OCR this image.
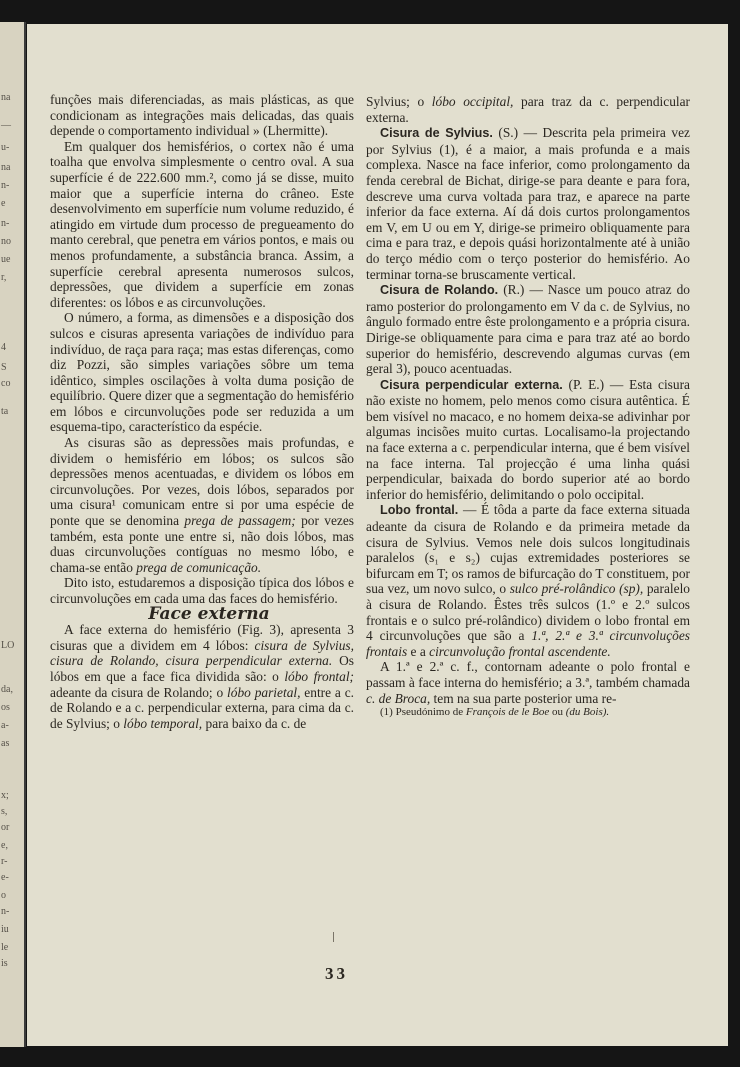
na
—
u-
na
n-
e
n-
no
ue
r,
4
S
co
ta
LO
da,
os
a-
as
x;
s,
or
e,
r-
e-
o
n-
iu
le
is

funções mais diferenciadas, as mais plásticas, as que condicionam as integrações mais delicadas, das quais depende o comportamento individual » (Lhermitte).

Em qualquer dos hemisférios, o cortex não é uma toalha que envolva simplesmente o centro oval. A sua superfície é de 222.600 mm.², como já se disse, muito maior que a superfície interna do crâneo. Este desenvolvimento em superfície num volume reduzido, é atingido em virtude dum processo de pregueamento do manto cerebral, que penetra em vários pontos, e mais ou menos profundamente, a substância branca. Assim, a superfície cerebral apresenta numerosos sulcos, depressões, que dividem a superfície em zonas diferentes: os lóbos e as circunvoluções.

O número, a forma, as dimensões e a disposição dos sulcos e cisuras apresenta variações de indivíduo para indivíduo, de raça para raça; mas estas diferenças, como diz Pozzi, são simples variações sôbre um tema idêntico, simples oscilações à volta duma posição de equilíbrio. Quere dizer que a segmentação do hemisfério em lóbos e circunvoluções pode ser reduzida a um esquema-tipo, característico da espécie.

As cisuras são as depressões mais profundas, e dividem o hemisfério em lóbos; os sulcos são depressões menos acentuadas, e dividem os lóbos em circunvoluções. Por vezes, dois lóbos, separados por uma cisura¹ comunicam entre si por uma espécie de ponte que se denomina prega de passagem; por vezes também, esta ponte une entre si, não dois lóbos, mas duas circunvoluções contíguas no mesmo lóbo, e chama-se então prega de comunicação.

Dito isto, estudaremos a disposição típica dos lóbos e circunvoluções em cada uma das faces do hemisfério.

Face externa

A face externa do hemisfério (Fig. 3), apresenta 3 cisuras que a dividem em 4 lóbos: cisura de Sylvius, cisura de Rolando, cisura perpendicular externa. Os lóbos em que a face fica dividida são: o lóbo frontal; adeante da cisura de Rolando; o lóbo parietal, entre a c. de Rolando e a c. perpendicular externa, para cima da c. de Sylvius; o lóbo temporal, para baixo da c. de

Sylvius; o lóbo occipital, para traz da c. perpendicular externa.

Cisura de Sylvius. (S.) — Descrita pela primeira vez por Sylvius (1), é a maior, a mais profunda e a mais complexa. Nasce na face inferior, como prolongamento da fenda cerebral de Bichat, dirige-se para deante e para fora, descreve uma curva voltada para traz, e aparece na parte inferior da face externa. Aí dá dois curtos prolongamentos em V, em U ou em Y, dirige-se primeiro obliquamente para cima e para traz, e depois quási horizontalmente até à união do terço médio com o terço posterior do hemisfério. Ao terminar torna-se bruscamente vertical.

Cisura de Rolando. (R.) — Nasce um pouco atraz do ramo posterior do prolongamento em V da c. de Sylvius, no ângulo formado entre êste prolongamento e a própria cisura. Dirige-se obliquamente para cima e para traz até ao bordo superior do hemisfério, descrevendo algumas curvas (em geral 3), pouco acentuadas.

Cisura perpendicular externa. (P. E.) — Esta cisura não existe no homem, pelo menos como cisura autêntica. É bem visível no macaco, e no homem deixa-se adivinhar por algumas incisões muito curtas. Localisamo-la projectando na face externa a c. perpendicular interna, que é bem visível na face interna. Tal projecção é uma linha quási perpendicular, baixada do bordo superior até ao bordo inferior do hemisfério, delimitando o polo occipital.

Lobo frontal. — É tôda a parte da face externa situada adeante da cisura de Rolando e da primeira metade da cisura de Sylvius. Vemos nele dois sulcos longitudinais paralelos (s₁ e s₂) cujas extremidades posteriores se bifurcam em T; os ramos de bifurcação do T constituem, por sua vez, um novo sulco, o sulco pré-rolândico (sp), paralelo à cisura de Rolando. Êstes três sulcos (1.º e 2.º sulcos frontais e o sulco pré-rolândico) dividem o lobo frontal em 4 circunvoluções que são a 1.ª, 2.ª e 3.ª circunvoluções frontais e a circunvolução frontal ascendente.

A 1.ª e 2.ª c. f., contornam adeante o polo frontal e passam à face interna do hemisfério; a 3.ª, também chamada c. de Broca, tem na sua parte posterior uma re-

(1) Pseudónimo de François de le Boe ou (du Bois).

33
